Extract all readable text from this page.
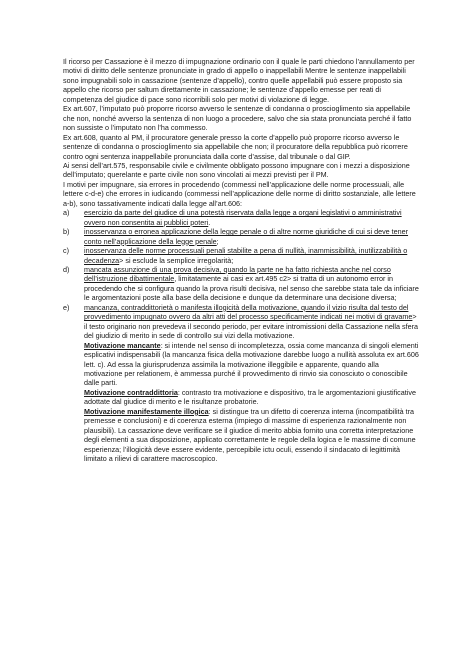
Il ricorso per Cassazione è il mezzo di impugnazione ordinario con il quale le parti chiedono l’annullamento per motivi di diritto delle sentenze pronunciate in grado di appello o inappellabili Mentre le sentenze inappellabili sono impugnabili solo in cassazione (sentenze d’appello), contro quelle appellabili può essere proposto sia appello che ricorso per saltum direttamente in cassazione; le sentenze d’appello emesse per reati di competenza del giudice di pace sono ricorribili solo per motivi di violazione di legge.

Ex art.607, l’imputato può proporre ricorso avverso le sentenze di condanna o proscioglimento sia appellabile che non, nonché avverso la sentenza di non luogo a procedere, salvo che sia stata pronunciata perché il fatto non sussiste o l’imputato non l’ha commesso.

Ex art.608, quanto al PM, il procuratore generale presso la corte d’appello può proporre ricorso avverso le sentenze di condanna o proscioglimento sia appellabile che non; il procuratore della repubblica può ricorrere contro ogni sentenza inappellabile pronunciata dalla corte d’assise, dal tribunale o dal GIP.

Ai sensi dell’art.575, responsabile civile e civilmente obbligato possono impugnare con i mezzi a disposizione dell’imputato; querelante e parte civile non sono vincolati ai mezzi previsti per il PM.

I motivi per impugnare, sia errores in procedendo (commessi nell’applicazione delle norme processuali, alle lettere c-d-e) che errores in iudicando (commessi nell’applicazione delle norme di diritto sostanziale, alle lettere a-b), sono tassativamente indicati dalla legge all’art.606:

a) esercizio da parte del giudice di una potestà riservata dalla legge a organi legislativi o amministrativi ovvero non consentita ai pubblici poteri.
b) inosservanza o erronea applicazione della legge penale o di altre norme giuridiche di cui si deve tener conto nell’applicazione della legge penale;
c) inosservanza delle norme processuali penali stabilite a pena di nullità, inammissibilità, inutilizzabilità o decadenza> si esclude la semplice irregolarità;
d) mancata assunzione di una prova decisiva, quando la parte ne ha fatto richiesta anche nel corso dell’istruzione dibattimentale, limitatamente ai casi ex art.495 c2> si tratta di un autonomo error in procedendo che si configura quando la prova risulti decisiva, nel senso che sarebbe stata tale da inficiare le argomentazioni poste alla base della decisione e dunque da determinare una decisione diversa;
e) mancanza, contraddittorietà o manifesta illogicità della motivazione, quando il vizio risulta dal testo del provvedimento impugnato ovvero da altri atti del processo specificamente indicati nei motivi di gravame> il testo originario non prevedeva il secondo periodo, per evitare intromissioni della Cassazione nella sfera del giudizio di merito in sede di controllo sui vizi della motivazione.

Motivazione mancante: si intende nel senso di incompletezza, ossia come mancanza di singoli elementi esplicativi indispensabili (la mancanza fisica della motivazione darebbe luogo a nullità assoluta ex art.606 lett. c). Ad essa la giurisprudenza assimila la motivazione illeggibile e apparente, quando alla motivazione per relationem, è ammessa purché il provvedimento di rinvio sia conosciuto o conoscibile dalle parti.

Motivazione contraddittoria: contrasto tra motivazione e dispositivo, tra le argomentazioni giustificative adottate dal giudice di merito e le risultanze probatorie.

Motivazione manifestamente illogica: si distingue tra un difetto di coerenza interna (incompatibilità tra premesse e conclusioni) e di coerenza esterna (impiego di massime di esperienza razionalmente non plausibili). La cassazione deve verificare se il giudice di merito abbia fornito una corretta interpretazione degli elementi a sua disposizione, applicato correttamente le regole della logica e le massime di comune esperienza; l’illogicità deve essere evidente, percepibile ictu oculi, essendo il sindacato di legittimità limitato a rilievi di carattere macroscopico.
